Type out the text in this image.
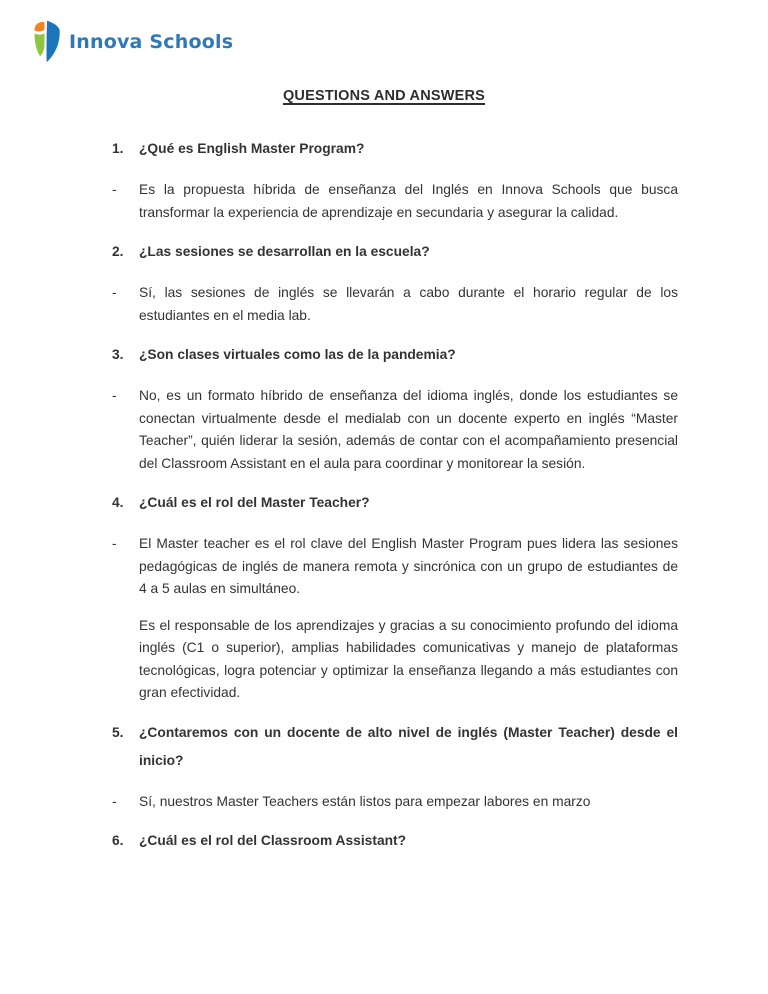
Innova Schools
QUESTIONS AND ANSWERS
1. ¿Qué es English Master Program?
- Es la propuesta híbrida de enseñanza del Inglés en Innova Schools que busca transformar la experiencia de aprendizaje en secundaria y asegurar la calidad.

2. ¿Las sesiones se desarrollan en la escuela?
- Sí, las sesiones de inglés se llevarán a cabo durante el horario regular de los estudiantes en el media lab.

3. ¿Son clases virtuales como las de la pandemia?
- No, es un formato híbrido de enseñanza del idioma inglés, donde los estudiantes se conectan virtualmente desde el medialab con un docente experto en inglés “Master Teacher”, quién liderar la sesión, además de contar con el acompañamiento presencial del Classroom Assistant en el aula para coordinar y monitorear la sesión.

4. ¿Cuál es el rol del Master Teacher?
- El Master teacher es el rol clave del English Master Program pues lidera las sesiones pedagógicas de inglés de manera remota y sincrónica con un grupo de estudiantes de 4 a 5 aulas en simultáneo.

Es el responsable de los aprendizajes y gracias a su conocimiento profundo del idioma inglés (C1 o superior), amplias habilidades comunicativas y manejo de plataformas tecnológicas, logra potenciar y optimizar la enseñanza llegando a más estudiantes con gran efectividad.

5. ¿Contaremos con un docente de alto nivel de inglés (Master Teacher) desde el inicio?
- Sí, nuestros Master Teachers están listos para empezar labores en marzo

6. ¿Cuál es el rol del Classroom Assistant?
